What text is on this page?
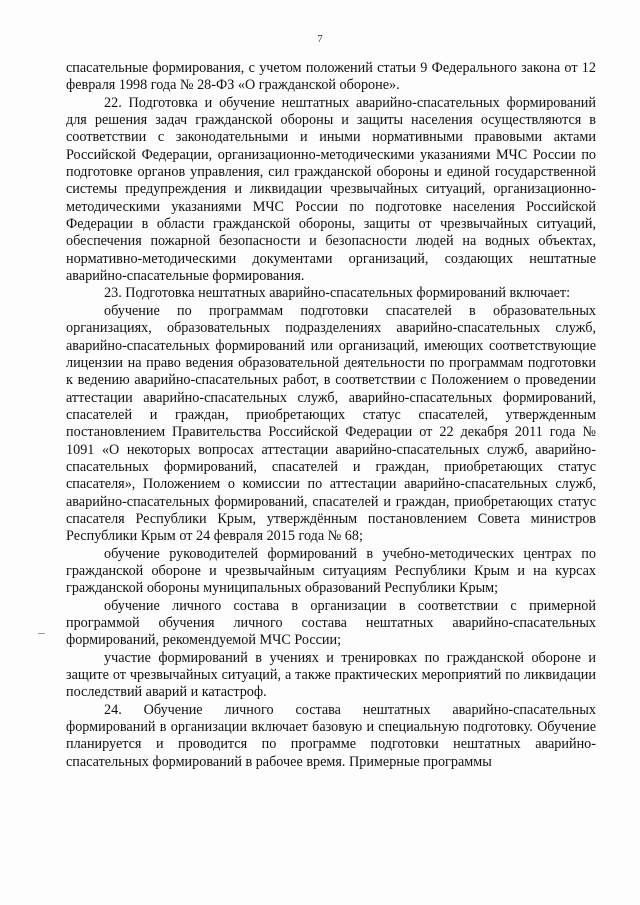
7

спасательные формирования, с учетом положений статьи 9 Федерального закона от 12 февраля 1998 года № 28-ФЗ «О гражданской обороне».

22. Подготовка и обучение нештатных аварийно-спасательных формирований для решения задач гражданской обороны и защиты населения осуществляются в соответствии с законодательными и иными нормативными правовыми актами Российской Федерации, организационно-методическими указаниями МЧС России по подготовке органов управления, сил гражданской обороны и единой государственной системы предупреждения и ликвидации чрезвычайных ситуаций, организационно-методическими указаниями МЧС России по подготовке населения Российской Федерации в области гражданской обороны, защиты от чрезвычайных ситуаций, обеспечения пожарной безопасности и безопасности людей на водных объектах, нормативно-методическими документами организаций, создающих нештатные аварийно-спасательные формирования.

23. Подготовка нештатных аварийно-спасательных формирований включает:

обучение по программам подготовки спасателей в образовательных организациях, образовательных подразделениях аварийно-спасательных служб, аварийно-спасательных формирований или организаций, имеющих соответствующие лицензии на право ведения образовательной деятельности по программам подготовки к ведению аварийно-спасательных работ, в соответствии с Положением о проведении аттестации аварийно-спасательных служб, аварийно-спасательных формирований, спасателей и граждан, приобретающих статус спасателей, утвержденным постановлением Правительства Российской Федерации от 22 декабря 2011 года № 1091 «О некоторых вопросах аттестации аварийно-спасательных служб, аварийно-спасательных формирований, спасателей и граждан, приобретающих статус спасателя», Положением о комиссии по аттестации аварийно-спасательных служб, аварийно-спасательных формирований, спасателей и граждан, приобретающих статус спасателя Республики Крым, утверждённым постановлением Совета министров Республики Крым от 24 февраля 2015 года № 68;

обучение руководителей формирований в учебно-методических центрах по гражданской обороне и чрезвычайным ситуациям Республики Крым и на курсах гражданской обороны муниципальных образований Республики Крым;

обучение личного состава в организации в соответствии с примерной программой обучения личного состава нештатных аварийно-спасательных формирований, рекомендуемой МЧС России;

участие формирований в учениях и тренировках по гражданской обороне и защите от чрезвычайных ситуаций, а также практических мероприятий по ликвидации последствий аварий и катастроф.

24. Обучение личного состава нештатных аварийно-спасательных формирований в организации включает базовую и специальную подготовку. Обучение планируется и проводится по программе подготовки нештатных аварийно-спасательных формирований в рабочее время. Примерные программы
